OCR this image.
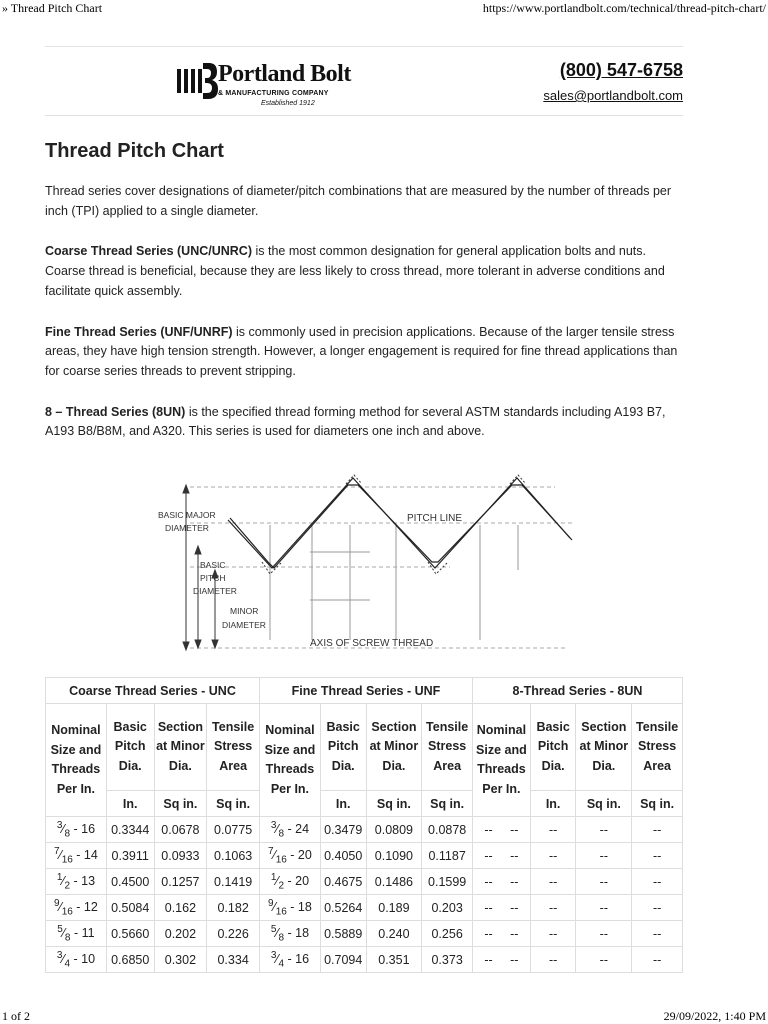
» Thread Pitch Chart	https://www.portlandbolt.com/technical/thread-pitch-chart/
Portland Bolt
& MANUFACTURING COMPANY
Established 1912
(800) 547-6758
sales@portlandbolt.com
Thread Pitch Chart

Thread series cover designations of diameter/pitch combinations that are measured by the number of threads per inch (TPI) applied to a single diameter.

Coarse Thread Series (UNC/UNRC) is the most common designation for general application bolts and nuts. Coarse thread is beneficial, because they are less likely to cross thread, more tolerant in adverse conditions and facilitate quick assembly.

Fine Thread Series (UNF/UNRF) is commonly used in precision applications. Because of the larger tensile stress areas, they have high tension strength. However, a longer engagement is required for fine thread applications than for coarse series threads to prevent stripping.

8 – Thread Series (8UN) is the specified thread forming method for several ASTM standards including A193 B7, A193 B8/B8M, and A320. This series is used for diameters one inch and above.

BASIC MAJOR
DIAMETER
PITCH LINE
BASIC
PITCH
DIAMETER
MINOR
DIAMETER
AXIS OF SCREW THREAD
Coarse Thread Series - UNC				Fine Thread Series - UNF				8-Thread Series - 8UN			
Nominal Size and Threads Per In.	Basic Pitch Dia.	Section at Minor Dia.	Tensile Stress Area	Nominal Size and Threads Per In.	Basic Pitch Dia.	Section at Minor Dia.	Tensile Stress Area	Nominal Size and Threads Per In.	Basic Pitch Dia.	Section at Minor Dia.	Tensile Stress Area
	In.	Sq in.	Sq in.		In.	Sq in.	Sq in.		In.	Sq in.	Sq in.
$^3⁄_8 - 16$	0.3344	0.0678	0.0775	$^3⁄_8 - 24$	0.3479	0.0809	0.0878	--     --	--	--	--
$^7⁄_{16} - 14$	0.3911	0.0933	0.1063	$^7⁄_{16} - 20$	0.4050	0.1090	0.1187	--     --	--	--	--
$^1⁄_2 - 13$	0.4500	0.1257	0.1419	$^1⁄_2 - 20$	0.4675	0.1486	0.1599	--     --	--	--	--
$^9⁄_{16} - 12$	0.5084	0.162	0.182	$^9⁄_{16} - 18$	0.5264	0.189	0.203	--     --	--	--	--
$^5⁄_8 - 11$	0.5660	0.202	0.226	$^5⁄_8 - 18$	0.5889	0.240	0.256	--     --	--	--	--
$^3⁄_4 - 10$	0.6850	0.302	0.334	$^3⁄_4 - 16$	0.7094	0.351	0.373	--     --	--	--	--
1 of 2	29/09/2022, 1:40 PM
